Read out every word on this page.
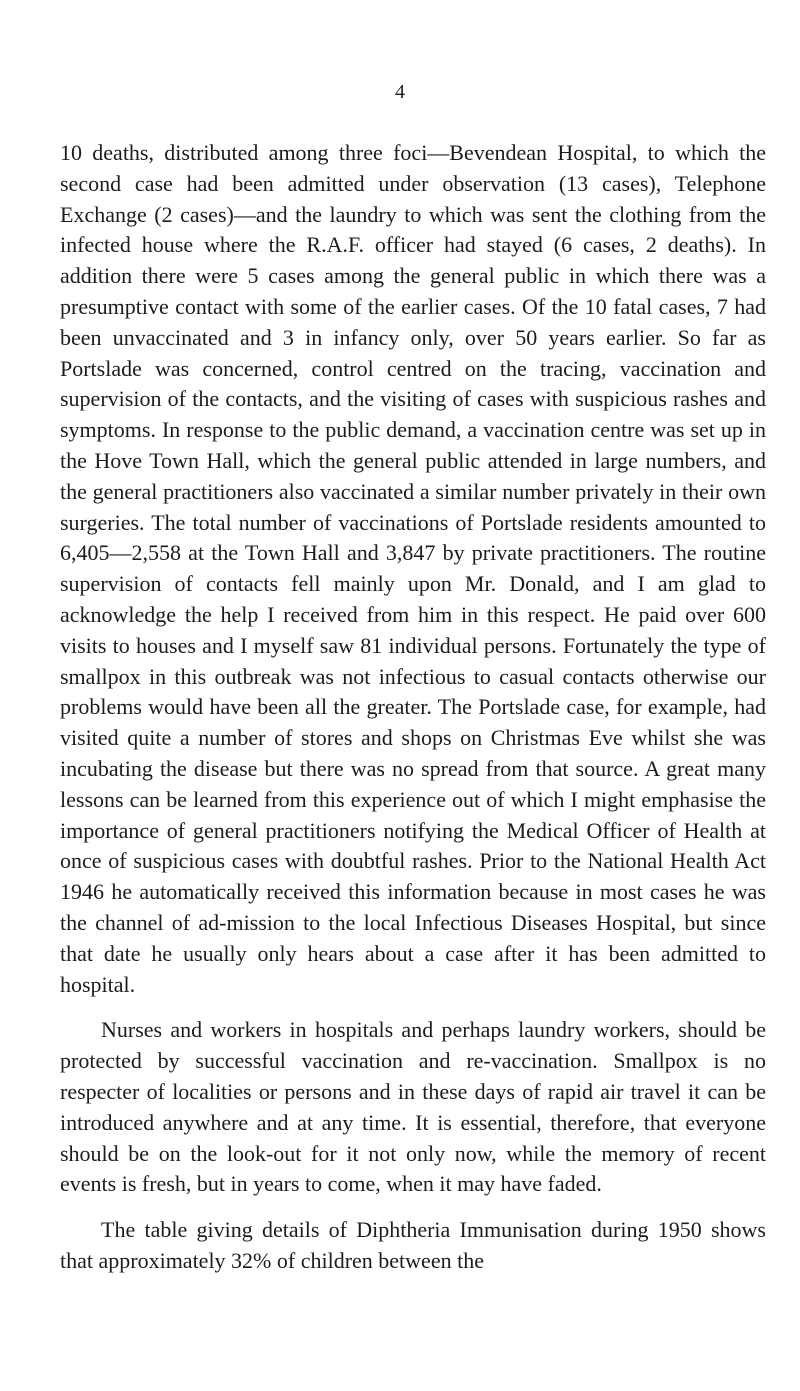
4

10 deaths, distributed among three foci—Bevendean Hospital, to which the second case had been admitted under observation (13 cases), Telephone Exchange (2 cases)—and the laundry to which was sent the clothing from the infected house where the R.A.F. officer had stayed (6 cases, 2 deaths). In addition there were 5 cases among the general public in which there was a presumptive contact with some of the earlier cases. Of the 10 fatal cases, 7 had been unvaccinated and 3 in infancy only, over 50 years earlier. So far as Portslade was concerned, control centred on the tracing, vaccination and supervision of the contacts, and the visiting of cases with suspicious rashes and symptoms. In response to the public demand, a vaccination centre was set up in the Hove Town Hall, which the general public attended in large numbers, and the general practitioners also vaccinated a similar number privately in their own surgeries. The total number of vaccinations of Portslade residents amounted to 6,405—2,558 at the Town Hall and 3,847 by private practitioners. The routine supervision of contacts fell mainly upon Mr. Donald, and I am glad to acknowledge the help I received from him in this respect. He paid over 600 visits to houses and I myself saw 81 individual persons. Fortunately the type of smallpox in this outbreak was not infectious to casual contacts otherwise our problems would have been all the greater. The Portslade case, for example, had visited quite a number of stores and shops on Christmas Eve whilst she was incubating the disease but there was no spread from that source. A great many lessons can be learned from this experience out of which I might emphasise the importance of general practitioners notifying the Medical Officer of Health at once of suspicious cases with doubtful rashes. Prior to the National Health Act 1946 he automatically received this information because in most cases he was the channel of ad-mission to the local Infectious Diseases Hospital, but since that date he usually only hears about a case after it has been admitted to hospital.

Nurses and workers in hospitals and perhaps laundry workers, should be protected by successful vaccination and re-vaccination. Smallpox is no respecter of localities or persons and in these days of rapid air travel it can be introduced anywhere and at any time. It is essential, therefore, that everyone should be on the look-out for it not only now, while the memory of recent events is fresh, but in years to come, when it may have faded.

The table giving details of Diphtheria Immunisation during 1950 shows that approximately 32% of children between the
